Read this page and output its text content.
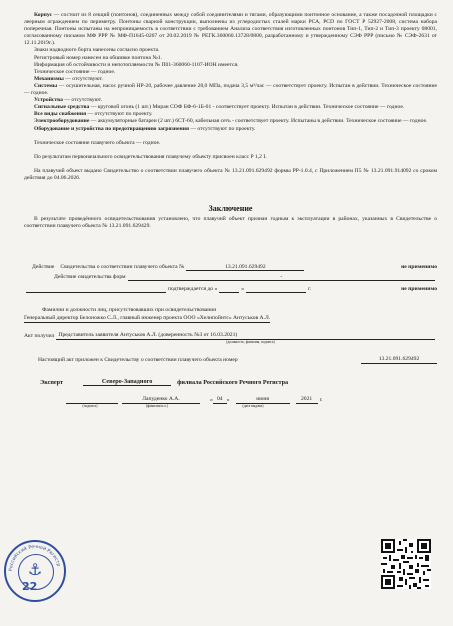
Корпус — состоит из 8 секций (понтонов), соединенных между собой соединителями и тягами, образующими понтонное основание, а также посадочной площадки с леерным ограждением по периметру. Понтоны сварной конструкции, выполнены из углеродистых сталей марки РСА, PCD по ГОСТ Р 52927-2008, система набора поперечная. Понтоны испытаны на непроницаемость в соответствии с требованием Анализа соответствия изготовленных понтонов Тип-1, Тип-2 и Тип-3 проекту 08001, согласованному письмом МФ РРР № МФ-П1645-0267 от 20.02.2019 № РЕГК.360060.13728/0800, разработанному и утвержденному СЭФ РРР (письмо № СЭФ-2631 от 12.11.2019г.).

Знаки надводного борта нанесены согласно проекта.

Регистровый номер нанесен на обшивке понтона №1.

Информация об остойчивости и непотопляемости № П01-360060-1107-ИОН имеется.

Техническое состояние — годное.

Механизмы — отсутствуют.

Системы — осушительная, насос ручной НР-20, рабочее давление 28,0 МПа, подача 3,5 м³/час — соответствует проекту. Испытан в действии. Техническое состояние — годное.

Устройства — отсутствуют.

Сигнальные средства — круговой огонь (1 шт.) Миран СОФ БФ-6-1Б-01 - соответствует проекту. Испытан в действии. Техническое состояние — годное.

Все виды снабжения — отсутствуют по проекту.

Электрооборудование — аккумуляторные батареи (2 шт.) 6СТ-60, кабельная сеть - соответствует проекту. Испытаны в действии. Техническое состояние — годное.

Оборудование и устройства по предотвращению загрязнения — отсутствуют по проекту.

Техническое состояние плавучего объекта — годное.

По результатам первоначального освидетельствования плавучему объекту присвоен класс Р 1,2 I.

На плавучий объект выдано Свидетельство о соответствии плавучего объекта № 13.21.091.629492 формы РР-1.0.4, с Приложением П5 № 13.21.091.914092 со сроком действия до 04.06.2026.

Заключение

В результате проведённого освидетельствования установлено, что плавучий объект признан годным к эксплуатации в районах, указанных в Свидетельстве о соответствии плавучего объекта № 13.21.091.629429.

Действие Свидетельства о соответствии плавучего объекта №	13.21.091.629492	не применимо
Действие свидетельства форм	-
подтверждается до «	»	г.	не применимо

Фамилии и должности лиц, присутствовавших при освидетельствовании

Генеральный директор Белоножко С.Л., главный инженер проекта ООО «Хелипойнтс» Антуськов А.Л.

Акт получил Представитель заявителя Антуськов А.Л. (доверенность №3 от 16.03.2021)

(должность, фамилия, подпись)

Настоящий акт приложен к Свидетельству о соответствии плавучего объекта номер	13.21.091.629492
Эксперт	Северо-Западного	филиала Российского Речного Регистра
Лапуденко А.А.	« 04 »	июня	2021	г.
(подпись)	(фамилия и.о.)	(дата выдачи)
Российский Речной Регистр
⚓
22
